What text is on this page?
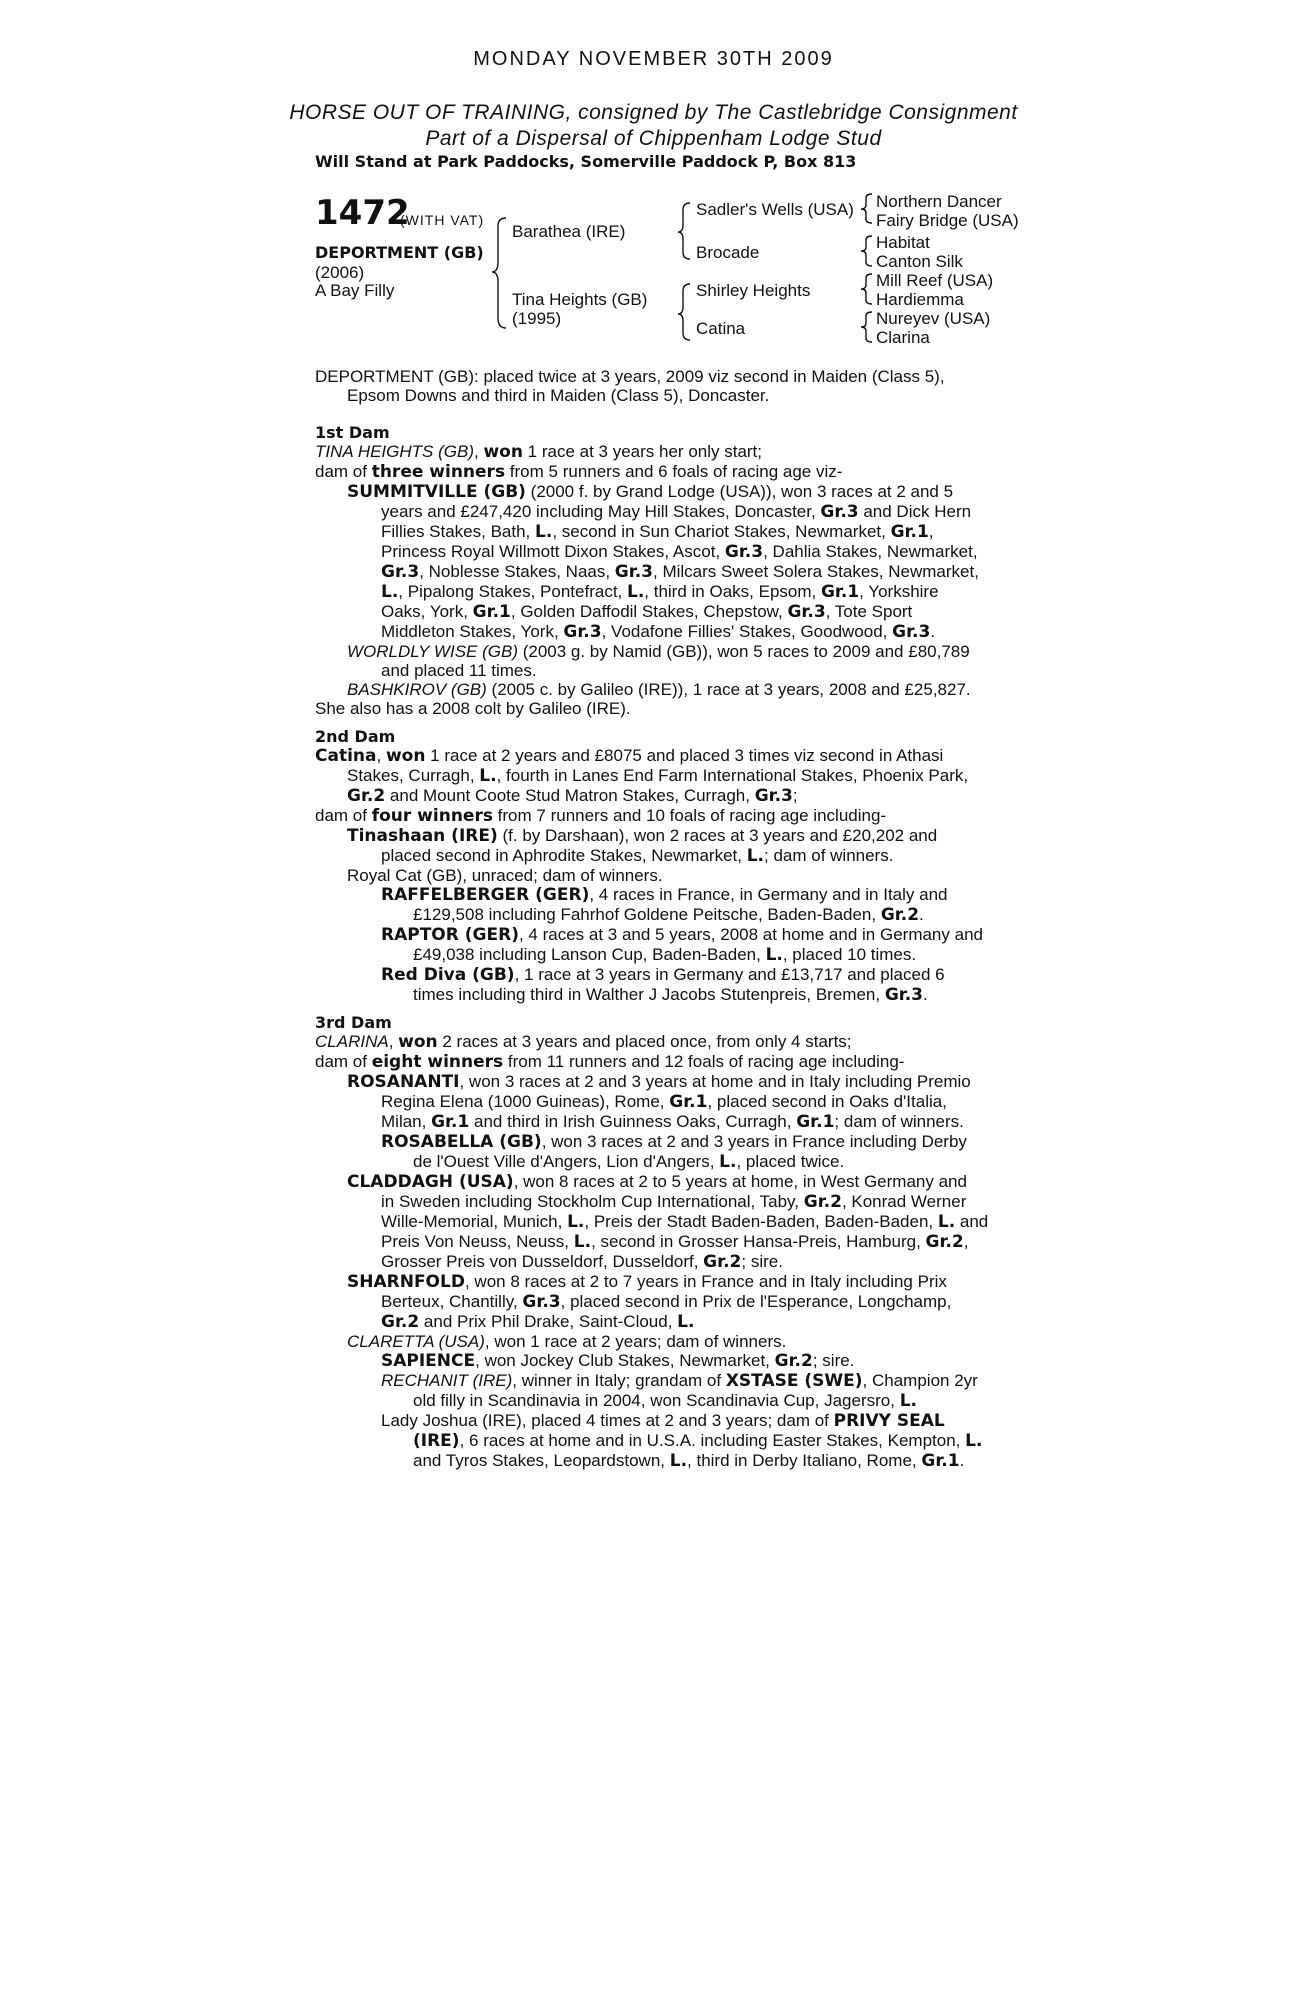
MONDAY NOVEMBER 30TH 2009
HORSE OUT OF TRAINING, consigned by The Castlebridge Consignment
Part of a Dispersal of Chippenham Lodge Stud
Will Stand at Park Paddocks, Somerville Paddock P, Box 813
1472
(WITH VAT)
DEPORTMENT (GB)
(2006)
A Bay Filly
Barathea (IRE)
Tina Heights (GB)
(1995)
Sadler's Wells (USA)
Brocade
Shirley Heights
Catina
Northern Dancer
Fairy Bridge (USA)
Habitat
Canton Silk
Mill Reef (USA)
Hardiemma
Nureyev (USA)
Clarina
DEPORTMENT (GB): placed twice at 3 years, 2009 viz second in Maiden (Class 5),
Epsom Downs and third in Maiden (Class 5), Doncaster.
1st Dam
TINA HEIGHTS (GB), won 1 race at 3 years her only start;
dam of three winners from 5 runners and 6 foals of racing age viz-
SUMMITVILLE (GB) (2000 f. by Grand Lodge (USA)), won 3 races at 2 and 5
years and £247,420 including May Hill Stakes, Doncaster, Gr.3 and Dick Hern
Fillies Stakes, Bath, L., second in Sun Chariot Stakes, Newmarket, Gr.1,
Princess Royal Willmott Dixon Stakes, Ascot, Gr.3, Dahlia Stakes, Newmarket,
Gr.3, Noblesse Stakes, Naas, Gr.3, Milcars Sweet Solera Stakes, Newmarket,
L., Pipalong Stakes, Pontefract, L., third in Oaks, Epsom, Gr.1, Yorkshire
Oaks, York, Gr.1, Golden Daffodil Stakes, Chepstow, Gr.3, Tote Sport
Middleton Stakes, York, Gr.3, Vodafone Fillies' Stakes, Goodwood, Gr.3.
WORLDLY WISE (GB) (2003 g. by Namid (GB)), won 5 races to 2009 and £80,789
and placed 11 times.
BASHKIROV (GB) (2005 c. by Galileo (IRE)), 1 race at 3 years, 2008 and £25,827.
She also has a 2008 colt by Galileo (IRE).
2nd Dam
Catina, won 1 race at 2 years and £8075 and placed 3 times viz second in Athasi
Stakes, Curragh, L., fourth in Lanes End Farm International Stakes, Phoenix Park,
Gr.2 and Mount Coote Stud Matron Stakes, Curragh, Gr.3;
dam of four winners from 7 runners and 10 foals of racing age including-
Tinashaan (IRE) (f. by Darshaan), won 2 races at 3 years and £20,202 and
placed second in Aphrodite Stakes, Newmarket, L.; dam of winners.
Royal Cat (GB), unraced; dam of winners.
RAFFELBERGER (GER), 4 races in France, in Germany and in Italy and
£129,508 including Fahrhof Goldene Peitsche, Baden-Baden, Gr.2.
RAPTOR (GER), 4 races at 3 and 5 years, 2008 at home and in Germany and
£49,038 including Lanson Cup, Baden-Baden, L., placed 10 times.
Red Diva (GB), 1 race at 3 years in Germany and £13,717 and placed 6
times including third in Walther J Jacobs Stutenpreis, Bremen, Gr.3.
3rd Dam
CLARINA, won 2 races at 3 years and placed once, from only 4 starts;
dam of eight winners from 11 runners and 12 foals of racing age including-
ROSANANTI, won 3 races at 2 and 3 years at home and in Italy including Premio
Regina Elena (1000 Guineas), Rome, Gr.1, placed second in Oaks d'Italia,
Milan, Gr.1 and third in Irish Guinness Oaks, Curragh, Gr.1; dam of winners.
ROSABELLA (GB), won 3 races at 2 and 3 years in France including Derby
de l'Ouest Ville d'Angers, Lion d'Angers, L., placed twice.
CLADDAGH (USA), won 8 races at 2 to 5 years at home, in West Germany and
in Sweden including Stockholm Cup International, Taby, Gr.2, Konrad Werner
Wille-Memorial, Munich, L., Preis der Stadt Baden-Baden, Baden-Baden, L. and
Preis Von Neuss, Neuss, L., second in Grosser Hansa-Preis, Hamburg, Gr.2,
Grosser Preis von Dusseldorf, Dusseldorf, Gr.2; sire.
SHARNFOLD, won 8 races at 2 to 7 years in France and in Italy including Prix
Berteux, Chantilly, Gr.3, placed second in Prix de l'Esperance, Longchamp,
Gr.2 and Prix Phil Drake, Saint-Cloud, L.
CLARETTA (USA), won 1 race at 2 years; dam of winners.
SAPIENCE, won Jockey Club Stakes, Newmarket, Gr.2; sire.
RECHANIT (IRE), winner in Italy; grandam of XSTASE (SWE), Champion 2yr
old filly in Scandinavia in 2004, won Scandinavia Cup, Jagersro, L.
Lady Joshua (IRE), placed 4 times at 2 and 3 years; dam of PRIVY SEAL
(IRE), 6 races at home and in U.S.A. including Easter Stakes, Kempton, L.
and Tyros Stakes, Leopardstown, L., third in Derby Italiano, Rome, Gr.1.
